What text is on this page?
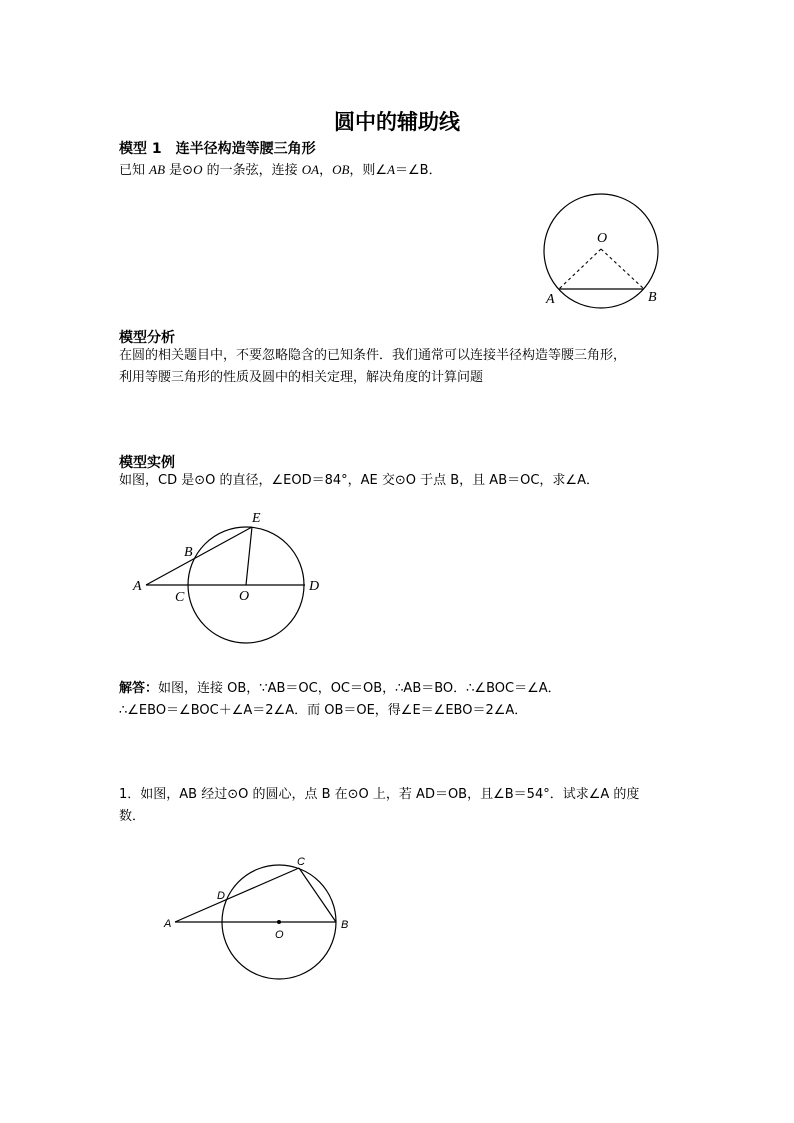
圆中的辅助线
模型 1　连半径构造等腰三角形
已知 AB 是⊙O 的一条弦，连接 OA，OB，则∠A＝∠B．
O
A	B
模型分析
在圆的相关题目中，不要忽略隐含的已知条件．我们通常可以连接半径构造等腰三角形，
利用等腰三角形的性质及圆中的相关定理，解决角度的计算问题
模型实例
如图，CD 是⊙O 的直径，∠EOD＝84°，AE 交⊙O 于点 B，且 AB＝OC，求∠A．
E
B
A
C	O
D
解答：如图，连接 OB，∵AB＝OC，OC＝OB，∴AB＝BO．∴∠BOC＝∠A．
∴∠EBO＝∠BOC＋∠A＝2∠A．而 OB＝OE，得∠E＝∠EBO＝2∠A．
1．如图，AB 经过⊙O 的圆心，点 B 在⊙O 上，若 AD＝OB，且∠B＝54°．试求∠A 的度
数．
C
D
A
O
B
